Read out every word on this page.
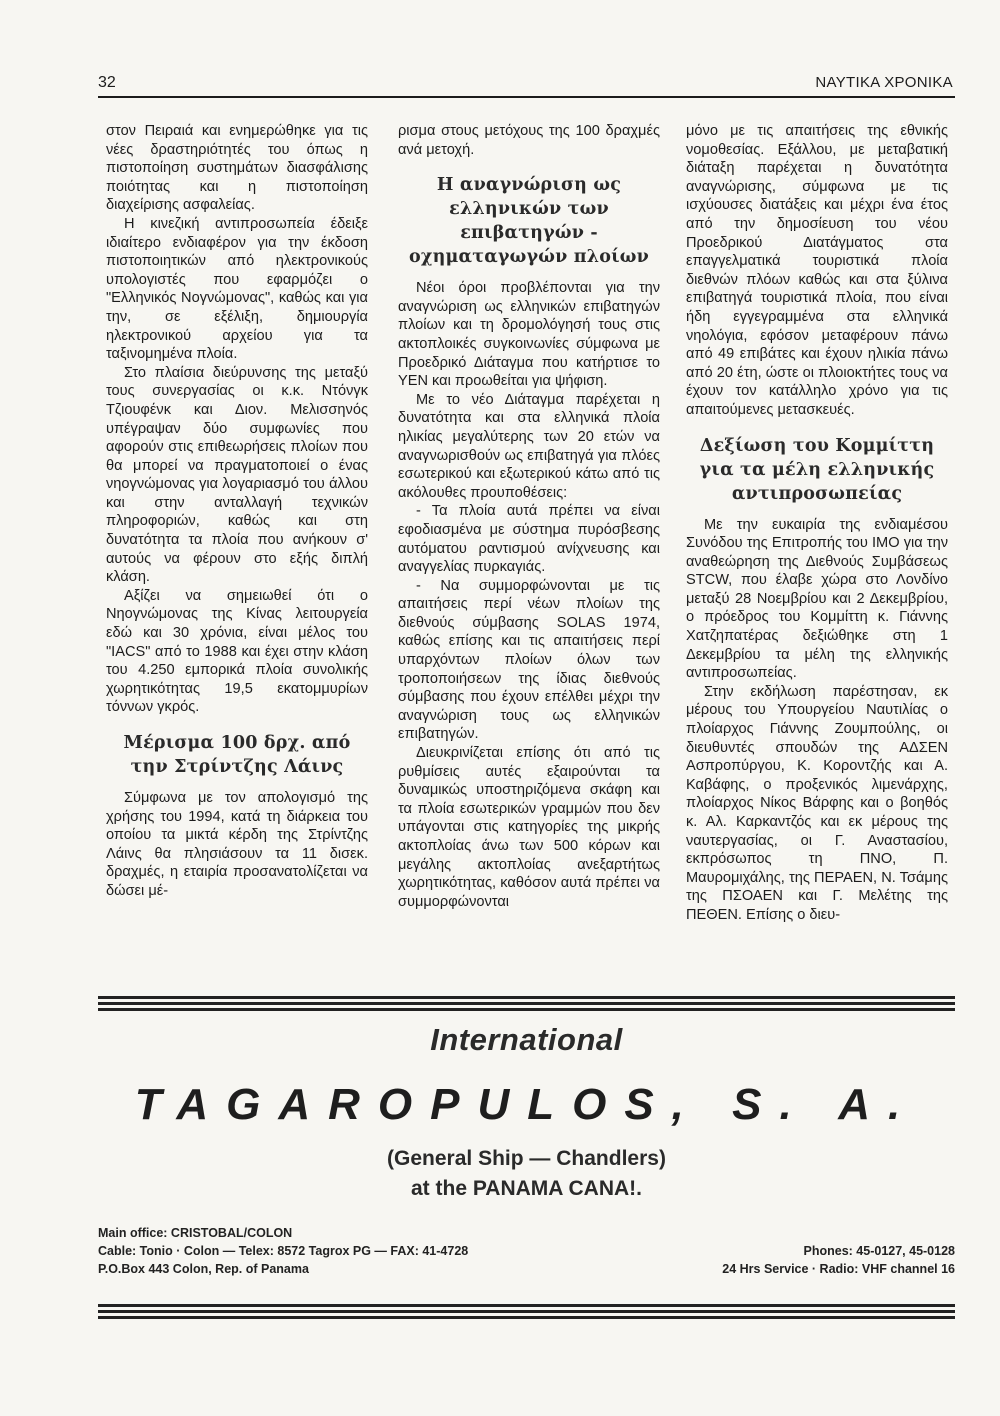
32	ΝΑΥΤΙΚΑ ΧΡΟΝΙΚΑ

στον Πειραιά και ενημερώθηκε για τις νέες δραστηριότητές του όπως η πιστοποίηση συστημάτων διασφάλισης ποιότητας και η πιστοποίηση διαχείρισης ασφαλείας.

Η κινεζική αντιπροσωπεία έδειξε ιδιαίτερο ενδιαφέρον για την έκδοση πιστοποιητικών από ηλεκτρονικούς υπολογιστές που εφαρμόζει ο "Ελληνικός Νογνώμονας", καθώς και για την, σε εξέλιξη, δημιουργία ηλεκτρονικού αρχείου για τα ταξινομημένα πλοία.

Στο πλαίσια διεύρυνσης της μεταξύ τους συνεργασίας οι κ.κ. Ντόνγκ Τζιουφένκ και Διον. Μελισσηνός υπέγραψαν δύο συμφωνίες που αφορούν στις επιθεωρήσεις πλοίων που θα μπορεί να πραγματοποιεί ο ένας νηογνώμονας για λογαριασμό του άλλου και στην ανταλλαγή τεχνικών πληροφοριών, καθώς και στη δυνατότητα τα πλοία που ανήκουν σ' αυτούς να φέρουν στο εξής διπλή κλάση.

Αξίζει να σημειωθεί ότι ο Νηογνώμονας της Κίνας λειτουργεία εδώ και 30 χρόνια, είναι μέλος του "IACS" από το 1988 και έχει στην κλάση του 4.250 εμπορικά πλοία συνολικής χωρητικότητας 19,5 εκατομμυρίων τόννων γκρός.

Μέρισμα 100 δρχ. από την Στρίντζης Λάινς

Σύμφωνα με τον απολογισμό της χρήσης του 1994, κατά τη διάρκεια του οποίου τα μικτά κέρδη της Στρίντζης Λάινς θα πλησιάσουν τα 11 δισεκ. δραχμές, η εταιρία προσανατολίζεται να δώσει μέ-

ρισμα στους μετόχους της 100 δραχμές ανά μετοχή.

Η αναγνώριση ως ελληνικών των επιβατηγών - οχηματαγωγών πλοίων

Νέοι όροι προβλέπονται για την αναγνώριση ως ελληνικών επιβατηγών πλοίων και τη δρομολόγησή τους στις ακτοπλοικές συγκοινωνίες σύμφωνα με Προεδρικό Διάταγμα που κατήρτισε το ΥΕΝ και προωθείται για ψήφιση.

Με το νέο Διάταγμα παρέχεται η δυνατότητα και στα ελληνικά πλοία ηλικίας μεγαλύτερης των 20 ετών να αναγνωρισθούν ως επιβατηγά για πλόες εσωτερικού και εξωτερικού κάτω από τις ακόλουθες προυποθέσεις:

- Τα πλοία αυτά πρέπει να είναι εφοδιασμένα με σύστημα πυρόσβεσης αυτόματου ραντισμού ανίχνευσης και αναγγελίας πυρκαγιάς.

- Να συμμορφώνονται με τις απαιτήσεις περί νέων πλοίων της διεθνούς σύμβασης SOLAS 1974, καθώς επίσης και τις απαιτήσεις περί υπαρχόντων πλοίων όλων των τροποποιήσεων της ίδιας διεθνούς σύμβασης που έχουν επέλθει μέχρι την αναγνώριση τους ως ελληνικών επιβατηγών.

Διευκρινίζεται επίσης ότι από τις ρυθμίσεις αυτές εξαιρούνται τα δυναμικώς υποστηριζόμενα σκάφη και τα πλοία εσωτερικών γραμμών που δεν υπάγονται στις κατηγορίες της μικρής ακτοπλοίας άνω των 500 κόρων και μεγάλης ακτοπλοίας ανεξαρτήτως χωρητικότητας, καθόσον αυτά πρέπει να συμμορφώνονται

μόνο με τις απαιτήσεις της εθνικής νομοθεσίας. Εξάλλου, με μεταβατική διάταξη παρέχεται η δυνατότητα αναγνώρισης, σύμφωνα με τις ισχύουσες διατάξεις και μέχρι ένα έτος από την δημοσίευση του νέου Προεδρικού Διατάγματος στα επαγγελματικά τουριστικά πλοία διεθνών πλόων καθώς και στα ξύλινα επιβατηγά τουριστικά πλοία, που είναι ήδη εγγεγραμμένα στα ελληνικά νηολόγια, εφόσον μεταφέρουν πάνω από 49 επιβάτες και έχουν ηλικία πάνω από 20 έτη, ώστε οι πλοιοκτήτες τους να έχουν τον κατάλληλο χρόνο για τις απαιτούμενες μετασκευές.

Δεξίωση του Κομμίττη για τα μέλη ελληνικής αντιπροσωπείας

Με την ευκαιρία της ενδιαμέσου Συνόδου της Επιτροπής του IMO για την αναθεώρηση της Διεθνούς Συμβάσεως STCW, που έλαβε χώρα στο Λονδίνο μεταξύ 28 Νοεμβρίου και 2 Δεκεμβρίου, ο πρόεδρος του Κομμίττη κ. Γιάννης Χατζηπατέρας δεξιώθηκε στη 1 Δεκεμβρίου τα μέλη της ελληνικής αντιπροσωπείας.

Στην εκδήλωση παρέστησαν, εκ μέρους του Υπουργείου Ναυτιλίας ο πλοίαρχος Γιάννης Ζουμπούλης, οι διευθυντές σπουδών της ΑΔΣΕΝ Ασπροπύργου, Κ. Κοροντζής και Α. Καβάφης, ο προξενικός λιμενάρχης, πλοίαρχος Νίκος Βάρφης και ο βοηθός κ. Αλ. Καρκαντζός και εκ μέρους της ναυτεργασίας, οι Γ. Αναστασίου, εκπρόσωπος τη ΠΝΟ, Π. Μαυρομιχάλης, της ΠΕΡΑΕΝ, Ν. Τσάμης της ΠΣΟΑΕΝ και Γ. Μελέτης της ΠΕΘΕΝ. Επίσης ο διευ-

International
TAGAROPULOS, S. A.
(General Ship — Chandlers)
at the PANAMA CANA!.
Main office: CRISTOBAL/COLON
Cable: Tonio · Colon — Telex: 8572 Tagrox PG — FAX: 41-4728
P.O.Box 443 Colon, Rep. of Panama
Phones: 45-0127, 45-0128
24 Hrs Service · Radio: VHF channel 16
